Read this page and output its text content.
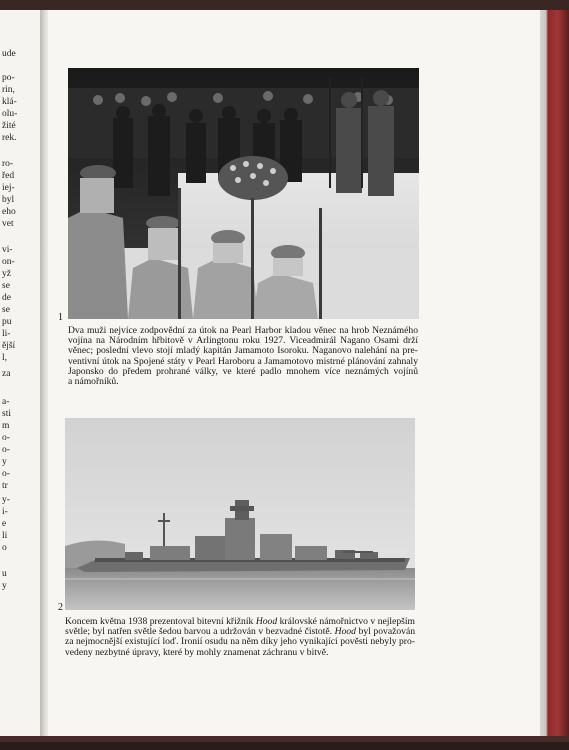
ude
po-
rin,
klá-
olu-
žité
rek.
ro-
řed
iej-
byl
eho
vet
vi-
on-
yž
se
de
se
pu
li-
ější
l,
za
a-
sti
m
o-
o-
y
o-
tr
y-
i-
e
li
o
u
y
1
Dva muži nejvíce zodpovědní za útok na Pearl Harbor kladou věnec na hrob Neznámého
vojína na Národním hřbitově v Arlingtonu roku 1927. Viceadmirál Nagano Osami drží
věnec; poslední vlevo stojí mladý kapitán Jamamoto Isoroku. Naganovo nalehání na pre-
ventivní útok na Spojené státy v Pearl Haroboru a Jamamotovo mistrné plánování zahnaly
Japonsko do předem prohrané války, ve které padlo mnohem více neznámých vojínů
a námořníků.
2
Koncem května 1938 prezentoval bitevní křižník Hood královské námořnictvo v nejlepším
světle; byl natřen světle šedou barvou a udržován v bezvadné čistotě. Hood byl považován
za nejmocnější existující loď. Ironií osudu na něm díky jeho vynikající pověsti nebyly pro-
vedeny nezbytné úpravy, které by mohly znamenat záchranu v bitvě.
